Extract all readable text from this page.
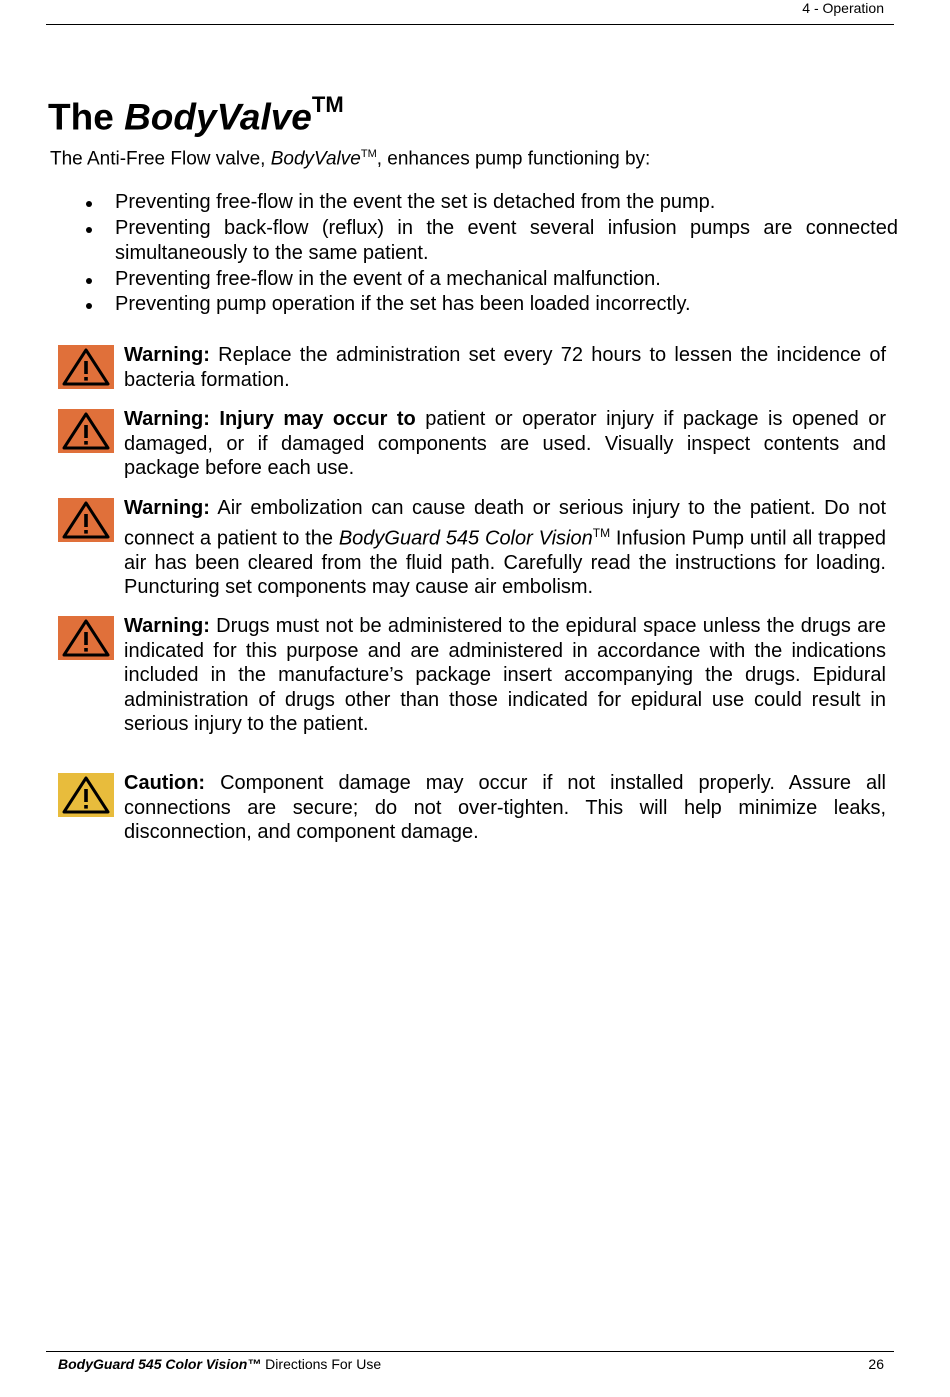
4 - Operation
The BodyValve™

The Anti-Free Flow valve, BodyValve™, enhances pump functioning by:

Preventing free-flow in the event the set is detached from the pump.
Preventing back-flow (reflux) in the event several infusion pumps are connected simultaneously to the same patient.
Preventing free-flow in the event of a mechanical malfunction.
Preventing pump operation if the set has been loaded incorrectly.

Warning: Replace the administration set every 72 hours to lessen the incidence of bacteria formation.

Warning: Injury may occur to patient or operator injury if package is opened or damaged, or if damaged components are used. Visually inspect contents and package before each use.

Warning: Air embolization can cause death or serious injury to the patient. Do not connect a patient to the BodyGuard 545 Color Vision™ Infusion Pump until all trapped air has been cleared from the fluid path. Carefully read the instructions for loading. Puncturing set components may cause air embolism.

Warning: Drugs must not be administered to the epidural space unless the drugs are indicated for this purpose and are administered in accordance with the indications included in the manufacture’s package insert accompanying the drugs. Epidural administration of drugs other than those indicated for epidural use could result in serious injury to the patient.

Caution: Component damage may occur if not installed properly. Assure all connections are secure; do not over-tighten. This will help minimize leaks, disconnection, and component damage.

BodyGuard 545 Color Vision™ Directions For Use	26
